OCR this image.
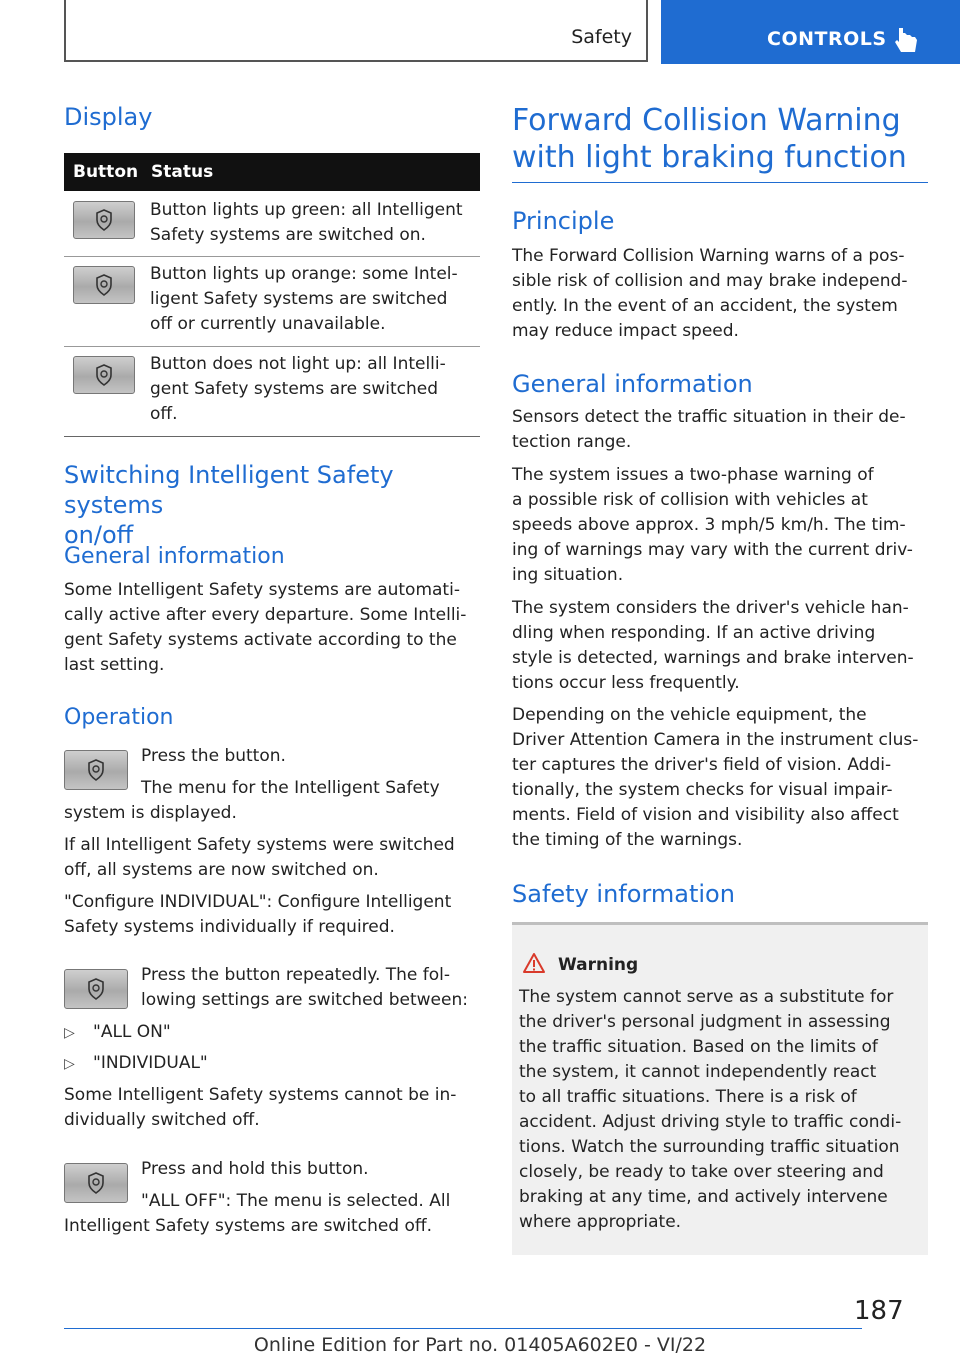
Safety	CONTROLS
Display
Button Status
Button lights up green: all Intelligent
Safety systems are switched on.
Button lights up orange: some Intel-
ligent Safety systems are switched
off or currently unavailable.
Button does not light up: all Intelli-
gent Safety systems are switched
off.
Switching Intelligent Safety systems
on/off
General information
Some Intelligent Safety systems are automati-
cally active after every departure. Some Intelli-
gent Safety systems activate according to the
last setting.
Operation
Press the button.
The menu for the Intelligent Safety
system is displayed.
If all Intelligent Safety systems were switched
off, all systems are now switched on.
"Configure INDIVIDUAL": Configure Intelligent
Safety systems individually if required.
Press the button repeatedly. The fol-
lowing settings are switched between:
▷ "ALL ON"
▷ "INDIVIDUAL"
Some Intelligent Safety systems cannot be in-
dividually switched off.
Press and hold this button.
"ALL OFF": The menu is selected. All
Intelligent Safety systems are switched off.
Forward Collision Warning
with light braking function
Principle
The Forward Collision Warning warns of a pos-
sible risk of collision and may brake independ-
ently. In the event of an accident, the system
may reduce impact speed.
General information
Sensors detect the traffic situation in their de-
tection range.
The system issues a two-phase warning of
a possible risk of collision with vehicles at
speeds above approx. 3 mph/5 km/h. The tim-
ing of warnings may vary with the current driv-
ing situation.
The system considers the driver's vehicle han-
dling when responding. If an active driving
style is detected, warnings and brake interven-
tions occur less frequently.
Depending on the vehicle equipment, the
Driver Attention Camera in the instrument clus-
ter captures the driver's field of vision. Addi-
tionally, the system checks for visual impair-
ments. Field of vision and visibility also affect
the timing of the warnings.
Safety information
Warning
The system cannot serve as a substitute for
the driver's personal judgment in assessing
the traffic situation. Based on the limits of
the system, it cannot independently react
to all traffic situations. There is a risk of
accident. Adjust driving style to traffic condi-
tions. Watch the surrounding traffic situation
closely, be ready to take over steering and
braking at any time, and actively intervene
where appropriate.
187
Online Edition for Part no. 01405A602E0 - VI/22
